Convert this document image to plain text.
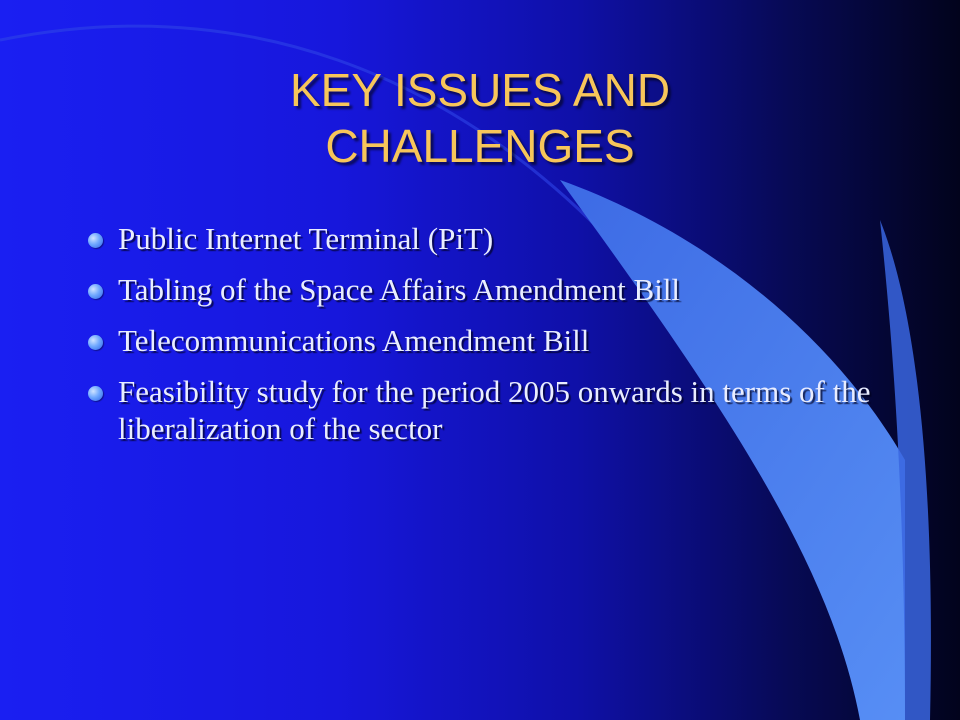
KEY ISSUES AND CHALLENGES
Public Internet Terminal (PiT)
Tabling of the Space Affairs Amendment Bill
Telecommunications Amendment Bill
Feasibility study for the period 2005 onwards in terms of the liberalization of the sector
